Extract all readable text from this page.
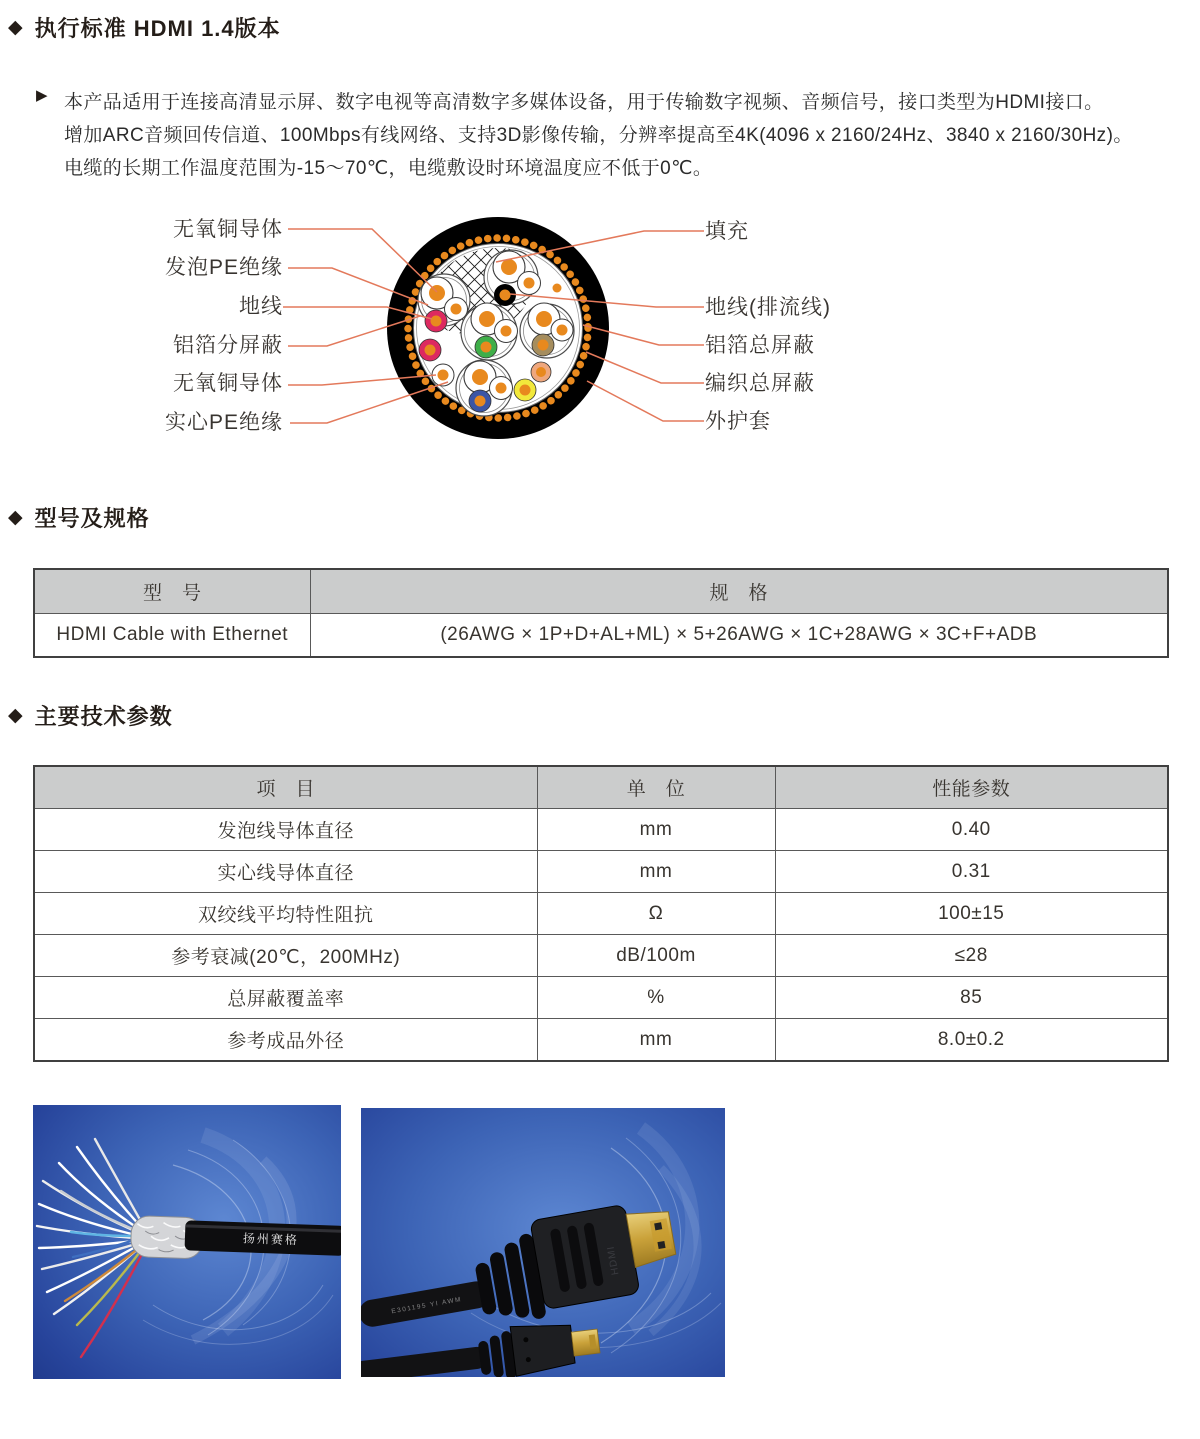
◆ 执行标准 HDMI 1.4版本
▶ 本产品适用于连接高清显示屏、数字电视等高清数字多媒体设备，用于传输数字视频、音频信号，接口类型为HDMI接口。
增加ARC音频回传信道、100Mbps有线网络、支持3D影像传输，分辨率提高至4K(4096 x 2160/24Hz、3840 x 2160/30Hz)。
电缆的长期工作温度范围为-15～70℃，电缆敷设时环境温度应不低于0℃。
无氧铜导体
发泡PE绝缘
地线
铝箔分屏蔽
无氧铜导体
实心PE绝缘
填充
地线(排流线)
铝箔总屏蔽
编织总屏蔽
外护套
◆ 型号及规格
型　号	规　格
HDMI Cable with Ethernet	(26AWG × 1P+D+AL+ML) × 5+26AWG × 1C+28AWG × 3C+F+ADB
◆ 主要技术参数
项　目	单　位	性能参数
发泡线导体直径	mm	0.40
实心线导体直径	mm	0.31
双绞线平均特性阻抗	Ω	100±15
参考衰减(20℃，200MHz)	dB/100m	≤28
总屏蔽覆盖率	%	85
参考成品外径	mm	8.0±0.2
扬州赛格
E301195 YI AWM
HDMI
